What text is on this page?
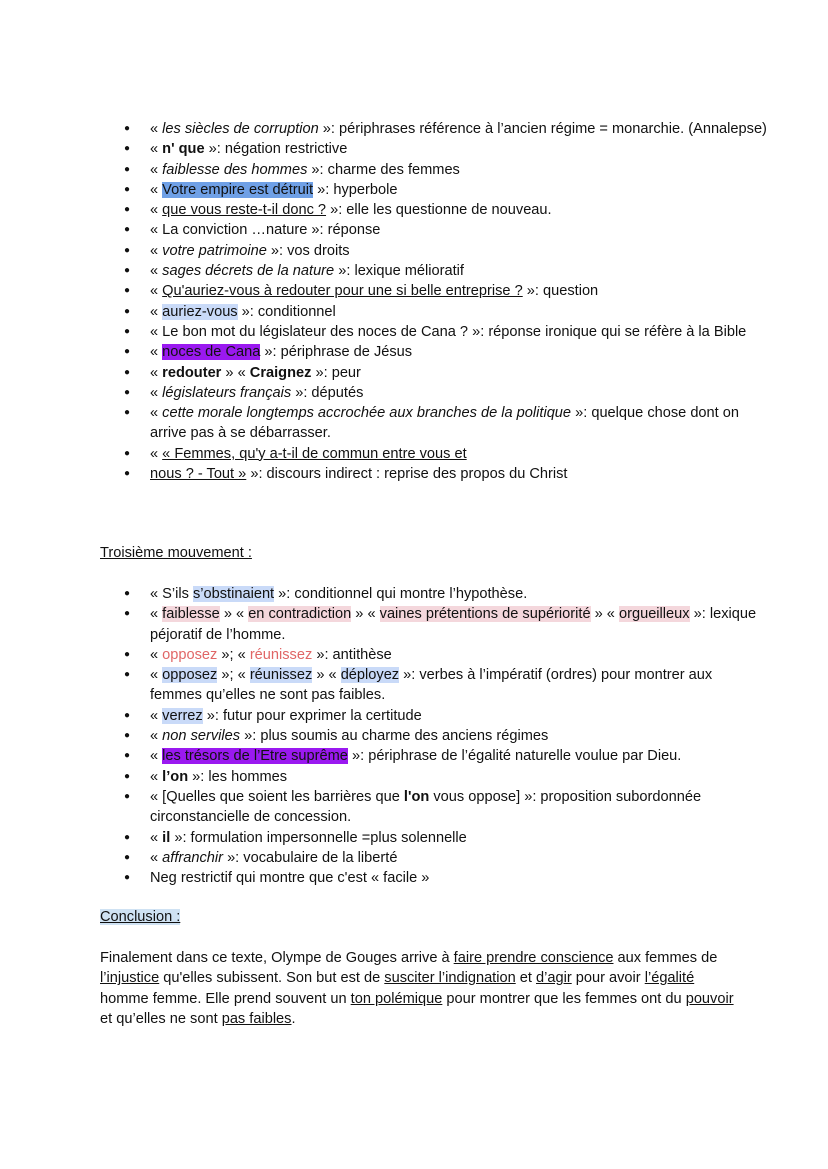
● « les siècles de corruption »: périphrases référence à l’ancien régime = monarchie. (Annalepse)
● « n' que »: négation restrictive
● « faiblesse des hommes »: charme des femmes
● « Votre empire est détruit »: hyperbole
● « que vous reste-t-il donc ? »: elle les questionne de nouveau.
● « La conviction …nature »: réponse
● « votre patrimoine »: vos droits
● « sages décrets de la nature »: lexique mélioratif
● « Qu'auriez-vous à redouter pour une si belle entreprise ? »: question
● « auriez-vous »: conditionnel
● « Le bon mot du législateur des noces de Cana ? »: réponse ironique qui se réfère à la Bible
● « noces de Cana »: périphrase de Jésus
● « redouter » « Craignez »: peur
● « législateurs français »: députés
● « cette morale longtemps accrochée aux branches de la politique »: quelque chose dont on arrive pas à se débarrasser.
● « « Femmes, qu'y a-t-il de commun entre vous et
● nous ? - Tout » »: discours indirect : reprise des propos du Christ
Troisième mouvement :
● « S’ils s’obstinaient »: conditionnel qui montre l’hypothèse.
● « faiblesse » « en contradiction » « vaines prétentions de supériorité » « orgueilleux »: lexique péjoratif de l’homme.
● « opposez »; « réunissez »: antithèse
● « opposez »; « réunissez » « déployez »: verbes à l’impératif (ordres) pour montrer aux femmes qu’elles ne sont pas faibles.
● « verrez »: futur pour exprimer la certitude
● « non serviles »: plus soumis au charme des anciens régimes
● « les trésors de l’Etre suprême »: périphrase de l’égalité naturelle voulue par Dieu.
● « l’on »: les hommes
● « [Quelles que soient les barrières que l'on vous oppose] »: proposition subordonnée circonstancielle de concession.
● « il »: formulation impersonnelle =plus solennelle
● « affranchir »: vocabulaire de la liberté
● Neg restrictif qui montre que c'est « facile »
Conclusion :
Finalement dans ce texte, Olympe de Gouges arrive à faire prendre conscience aux femmes de l’injustice qu'elles subissent. Son but est de susciter l’indignation et d’agir pour avoir l’égalité homme femme. Elle prend souvent un ton polémique pour montrer que les femmes ont du pouvoir et qu’elles ne sont pas faibles.
